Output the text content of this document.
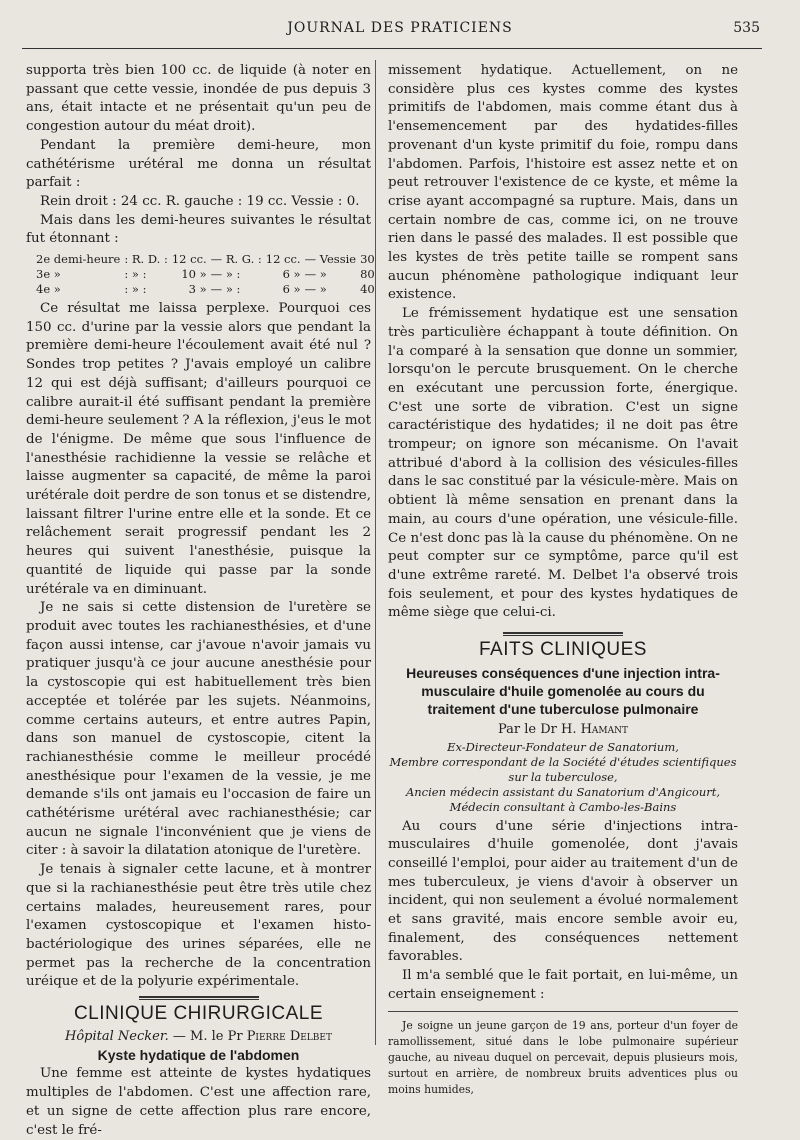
JOURNAL DES PRATICIENS	535

supporta très bien 100 cc. de liquide (à noter en passant que cette vessie, inondée de pus depuis 3 ans, était intacte et ne présentait qu'un peu de congestion autour du méat droit).

Pendant la première demi-heure, mon cathétérisme urétéral me donna un résultat parfait :

Rein droit : 24 cc. R. gauche : 19 cc. Vessie : 0.

Mais dans les demi-heures suivantes le résultat fut étonnant :

2e demi-heure	: R. D. :	12 cc.	— R. G. :	12 cc.	— Vessie	30
3e »	: » :	10 »	— » :	6 »	— »	80
4e »	: » :	3 »	— » :	6 »	— »	40

Ce résultat me laissa perplexe. Pourquoi ces 150 cc. d'urine par la vessie alors que pendant la première demi-heure l'écoulement avait été nul ? Sondes trop petites ? J'avais employé un calibre 12 qui est déjà suffisant; d'ailleurs pourquoi ce calibre aurait-il été suffisant pendant la première demi-heure seulement ? A la réflexion, j'eus le mot de l'énigme. De même que sous l'influence de l'anesthésie rachidienne la vessie se relâche et laisse augmenter sa capacité, de même la paroi urétérale doit perdre de son tonus et se distendre, laissant filtrer l'urine entre elle et la sonde. Et ce relâchement serait progressif pendant les 2 heures qui suivent l'anesthésie, puisque la quantité de liquide qui passe par la sonde urétérale va en diminuant.

Je ne sais si cette distension de l'uretère se produit avec toutes les rachianesthésies, et d'une façon aussi intense, car j'avoue n'avoir jamais vu pratiquer jusqu'à ce jour aucune anesthésie pour la cystoscopie qui est habituellement très bien acceptée et tolérée par les sujets. Néanmoins, comme certains auteurs, et entre autres Papin, dans son manuel de cystoscopie, citent la rachianesthésie comme le meilleur procédé anesthésique pour l'examen de la vessie, je me demande s'ils ont jamais eu l'occasion de faire un cathétérisme urétéral avec rachianesthésie; car aucun ne signale l'inconvénient que je viens de citer : à savoir la dilatation atonique de l'uretère.

Je tenais à signaler cette lacune, et à montrer que si la rachianesthésie peut être très utile chez certains malades, heureusement rares, pour l'examen cystoscopique et l'examen histo-bactériologique des urines séparées, elle ne permet pas la recherche de la concentration uréique et de la polyurie expérimentale.

CLINIQUE CHIRURGICALE
Hôpital Necker. — M. le Pr Pierre Delbet
Kyste hydatique de l'abdomen

Une femme est atteinte de kystes hydatiques multiples de l'abdomen. C'est une affection rare, et un signe de cette affection plus rare encore, c'est le fré-

missement hydatique. Actuellement, on ne considère plus ces kystes comme des kystes primitifs de l'abdomen, mais comme étant dus à l'ensemencement par des hydatides-filles provenant d'un kyste primitif du foie, rompu dans l'abdomen. Parfois, l'histoire est assez nette et on peut retrouver l'existence de ce kyste, et même la crise ayant accompagné sa rupture. Mais, dans un certain nombre de cas, comme ici, on ne trouve rien dans le passé des malades. Il est possible que les kystes de très petite taille se rompent sans aucun phénomène pathologique indiquant leur existence.

Le frémissement hydatique est une sensation très particulière échappant à toute définition. On l'a comparé à la sensation que donne un sommier, lorsqu'on le percute brusquement. On le cherche en exécutant une percussion forte, énergique. C'est une sorte de vibration. C'est un signe caractéristique des hydatides; il ne doit pas être trompeur; on ignore son mécanisme. On l'avait attribué d'abord à la collision des vésicules-filles dans le sac constitué par la vésicule-mère. Mais on obtient là même sensation en prenant dans la main, au cours d'une opération, une vésicule-fille. Ce n'est donc pas là la cause du phénomène. On ne peut compter sur ce symptôme, parce qu'il est d'une extrême rareté. M. Delbet l'a observé trois fois seulement, et pour des kystes hydatiques de même siège que celui-ci.

FAITS CLINIQUES
Heureuses conséquences d'une injection intra-musculaire d'huile gomenolée au cours du traitement d'une tuberculose pulmonaire
Par le Dr H. Hamant
Ex-Directeur-Fondateur de Sanatorium,
Membre correspondant de la Société d'études scientifiques
sur la tuberculose,
Ancien médecin assistant du Sanatorium d'Angicourt,
Médecin consultant à Cambo-les-Bains

Au cours d'une série d'injections intra-musculaires d'huile gomenolée, dont j'avais conseillé l'emploi, pour aider au traitement d'un de mes tuberculeux, je viens d'avoir à observer un incident, qui non seulement a évolué normalement et sans gravité, mais encore semble avoir eu, finalement, des conséquences nettement favorables.

Il m'a semblé que le fait portait, en lui-même, un certain enseignement :

Je soigne un jeune garçon de 19 ans, porteur d'un foyer de ramollissement, situé dans le lobe pulmonaire supérieur gauche, au niveau duquel on percevait, depuis plusieurs mois, surtout en arrière, de nombreux bruits adventices plus ou moins humides,
